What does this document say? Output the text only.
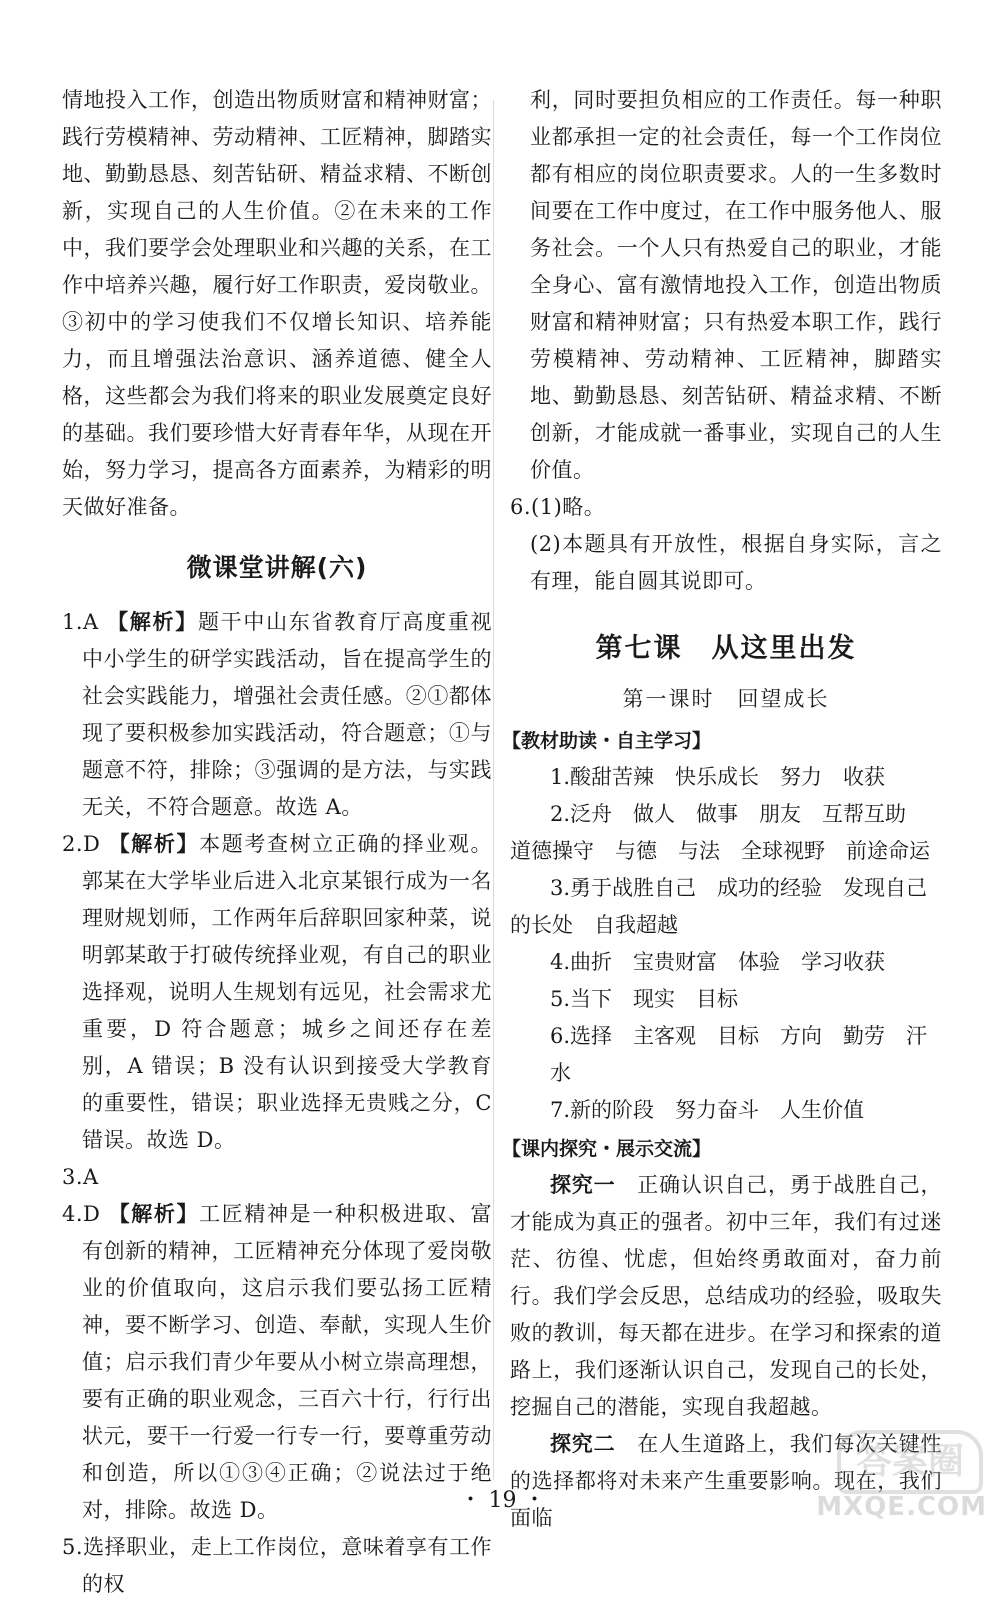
情地投入工作，创造出物质财富和精神财富；践行劳模精神、劳动精神、工匠精神，脚踏实地、勤勤恳恳、刻苦钻研、精益求精、不断创新，实现自己的人生价值。②在未来的工作中，我们要学会处理职业和兴趣的关系，在工作中培养兴趣，履行好工作职责，爱岗敬业。③初中的学习使我们不仅增长知识、培养能力，而且增强法治意识、涵养道德、健全人格，这些都会为我们将来的职业发展奠定良好的基础。我们要珍惜大好青春年华，从现在开始，努力学习，提高各方面素养，为精彩的明天做好准备。

微课堂讲解(六)

1.A 【解析】题干中山东省教育厅高度重视中小学生的研学实践活动，旨在提高学生的社会实践能力，增强社会责任感。②①都体现了要积极参加实践活动，符合题意；①与题意不符，排除；③强调的是方法，与实践无关，不符合题意。故选 A。

2.D 【解析】本题考查树立正确的择业观。郭某在大学毕业后进入北京某银行成为一名理财规划师，工作两年后辞职回家种菜，说明郭某敢于打破传统择业观，有自己的职业选择观，说明人生规划有远见，社会需求尤重要，D 符合题意；城乡之间还存在差别，A 错误；B 没有认识到接受大学教育的重要性，错误；职业选择无贵贱之分，C 错误。故选 D。

3.A

4.D 【解析】工匠精神是一种积极进取、富有创新的精神，工匠精神充分体现了爱岗敬业的价值取向，这启示我们要弘扬工匠精神，要不断学习、创造、奉献，实现人生价值；启示我们青少年要从小树立崇高理想，要有正确的职业观念，三百六十行，行行出状元，要干一行爱一行专一行，要尊重劳动和创造，所以①③④正确；②说法过于绝对，排除。故选 D。

5.选择职业，走上工作岗位，意味着享有工作的权

利，同时要担负相应的工作责任。每一种职业都承担一定的社会责任，每一个工作岗位都有相应的岗位职责要求。人的一生多数时间要在工作中度过，在工作中服务他人、服务社会。一个人只有热爱自己的职业，才能全身心、富有激情地投入工作，创造出物质财富和精神财富；只有热爱本职工作，践行劳模精神、劳动精神、工匠精神，脚踏实地、勤勤恳恳、刻苦钻研、精益求精、不断创新，才能成就一番事业，实现自己的人生价值。

6.(1)略。

(2)本题具有开放性，根据自身实际，言之有理，能自圆其说即可。

第七课　从这里出发
第一课时　回望成长
【教材助读・自主学习】

1.酸甜苦辣　快乐成长　努力　收获

2.泛舟　做人　做事　朋友　互帮互助　道德操守　与德　与法　全球视野　前途命运

3.勇于战胜自己　成功的经验　发现自己的长处　自我超越

4.曲折　宝贵财富　体验　学习收获

5.当下　现实　目标

6.选择　主客观　目标　方向　勤劳　汗水

7.新的阶段　努力奋斗　人生价值

【课内探究・展示交流】

探究一　 正确认识自己，勇于战胜自己，才能成为真正的强者。初中三年，我们有过迷茫、彷徨、忧虑，但始终勇敢面对，奋力前行。我们学会反思，总结成功的经验，吸取失败的教训，每天都在进步。在学习和探索的道路上，我们逐渐认识自己，发现自己的长处，挖掘自己的潜能，实现自我超越。

探究二　 在人生道路上，我们每次关键性的选择都将对未来产生重要影响。现在，我们面临

・ 19 ・
答案圈
MXQE.COM
